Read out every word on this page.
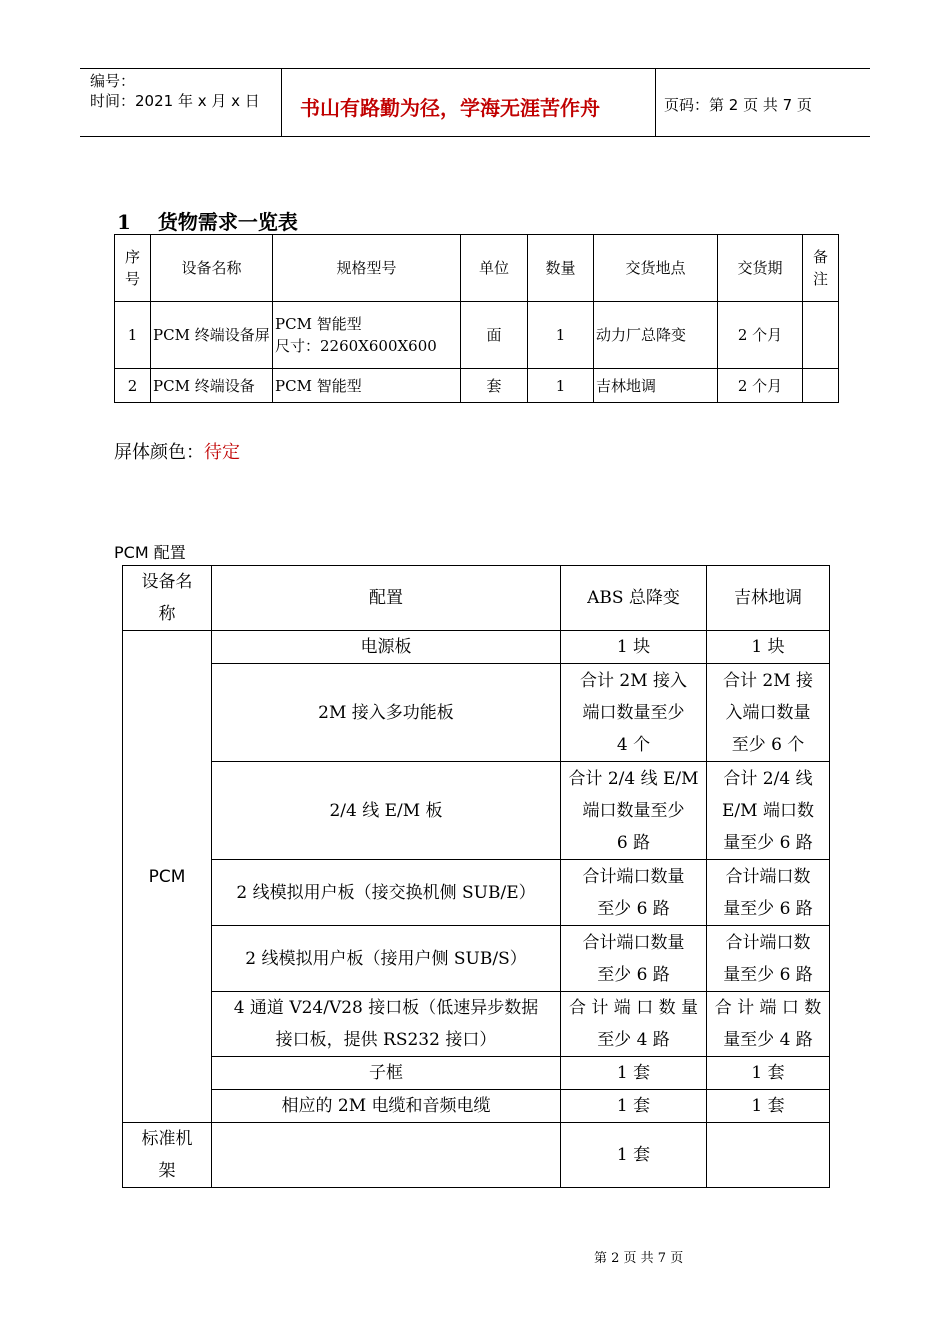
编号：
时间：2021 年 x 月 x 日 书山有路勤为径，学海无涯苦作舟	页码：第 2 页 共 7 页
1 货物需求一览表
序
号	设备名称	规格型号	单位	数量	交货地点	交货期	备
注
1	PCM 终端设备屏	PCM 智能型
尺寸：2260X600X600	面	1	动力厂总降变	2 个月	
2	PCM 终端设备	PCM 智能型	套	1	吉林地调	2 个月	
屏体颜色：待定
PCM 配置
设备名
称	配置	ABS 总降变	吉林地调
PCM	电源板	1 块	1 块
	2M 接入多功能板	合计 2M 接入
端口数量至少
4 个	合计 2M 接
入端口数量
至少 6 个
	2/4 线 E/M 板	合计 2/4 线 E/M
端口数量至少
6 路	合计 2/4 线
E/M 端口数
量至少 6 路
	2 线模拟用户板（接交换机侧 SUB/E）	合计端口数量
至少 6 路	合计端口数
量至少 6 路
	2 线模拟用户板（接用户侧 SUB/S）	合计端口数量
至少 6 路	合计端口数
量至少 6 路
	4 通道 V24/V28 接口板（低速异步数据
接口板，提供 RS232 接口）	合 计 端 口 数 量
至少 4 路	合 计 端 口 数
量至少 4 路
	子框	1 套	1 套
	相应的 2M 电缆和音频电缆	1 套	1 套
标准机
架		1 套	
第 2 页 共 7 页
